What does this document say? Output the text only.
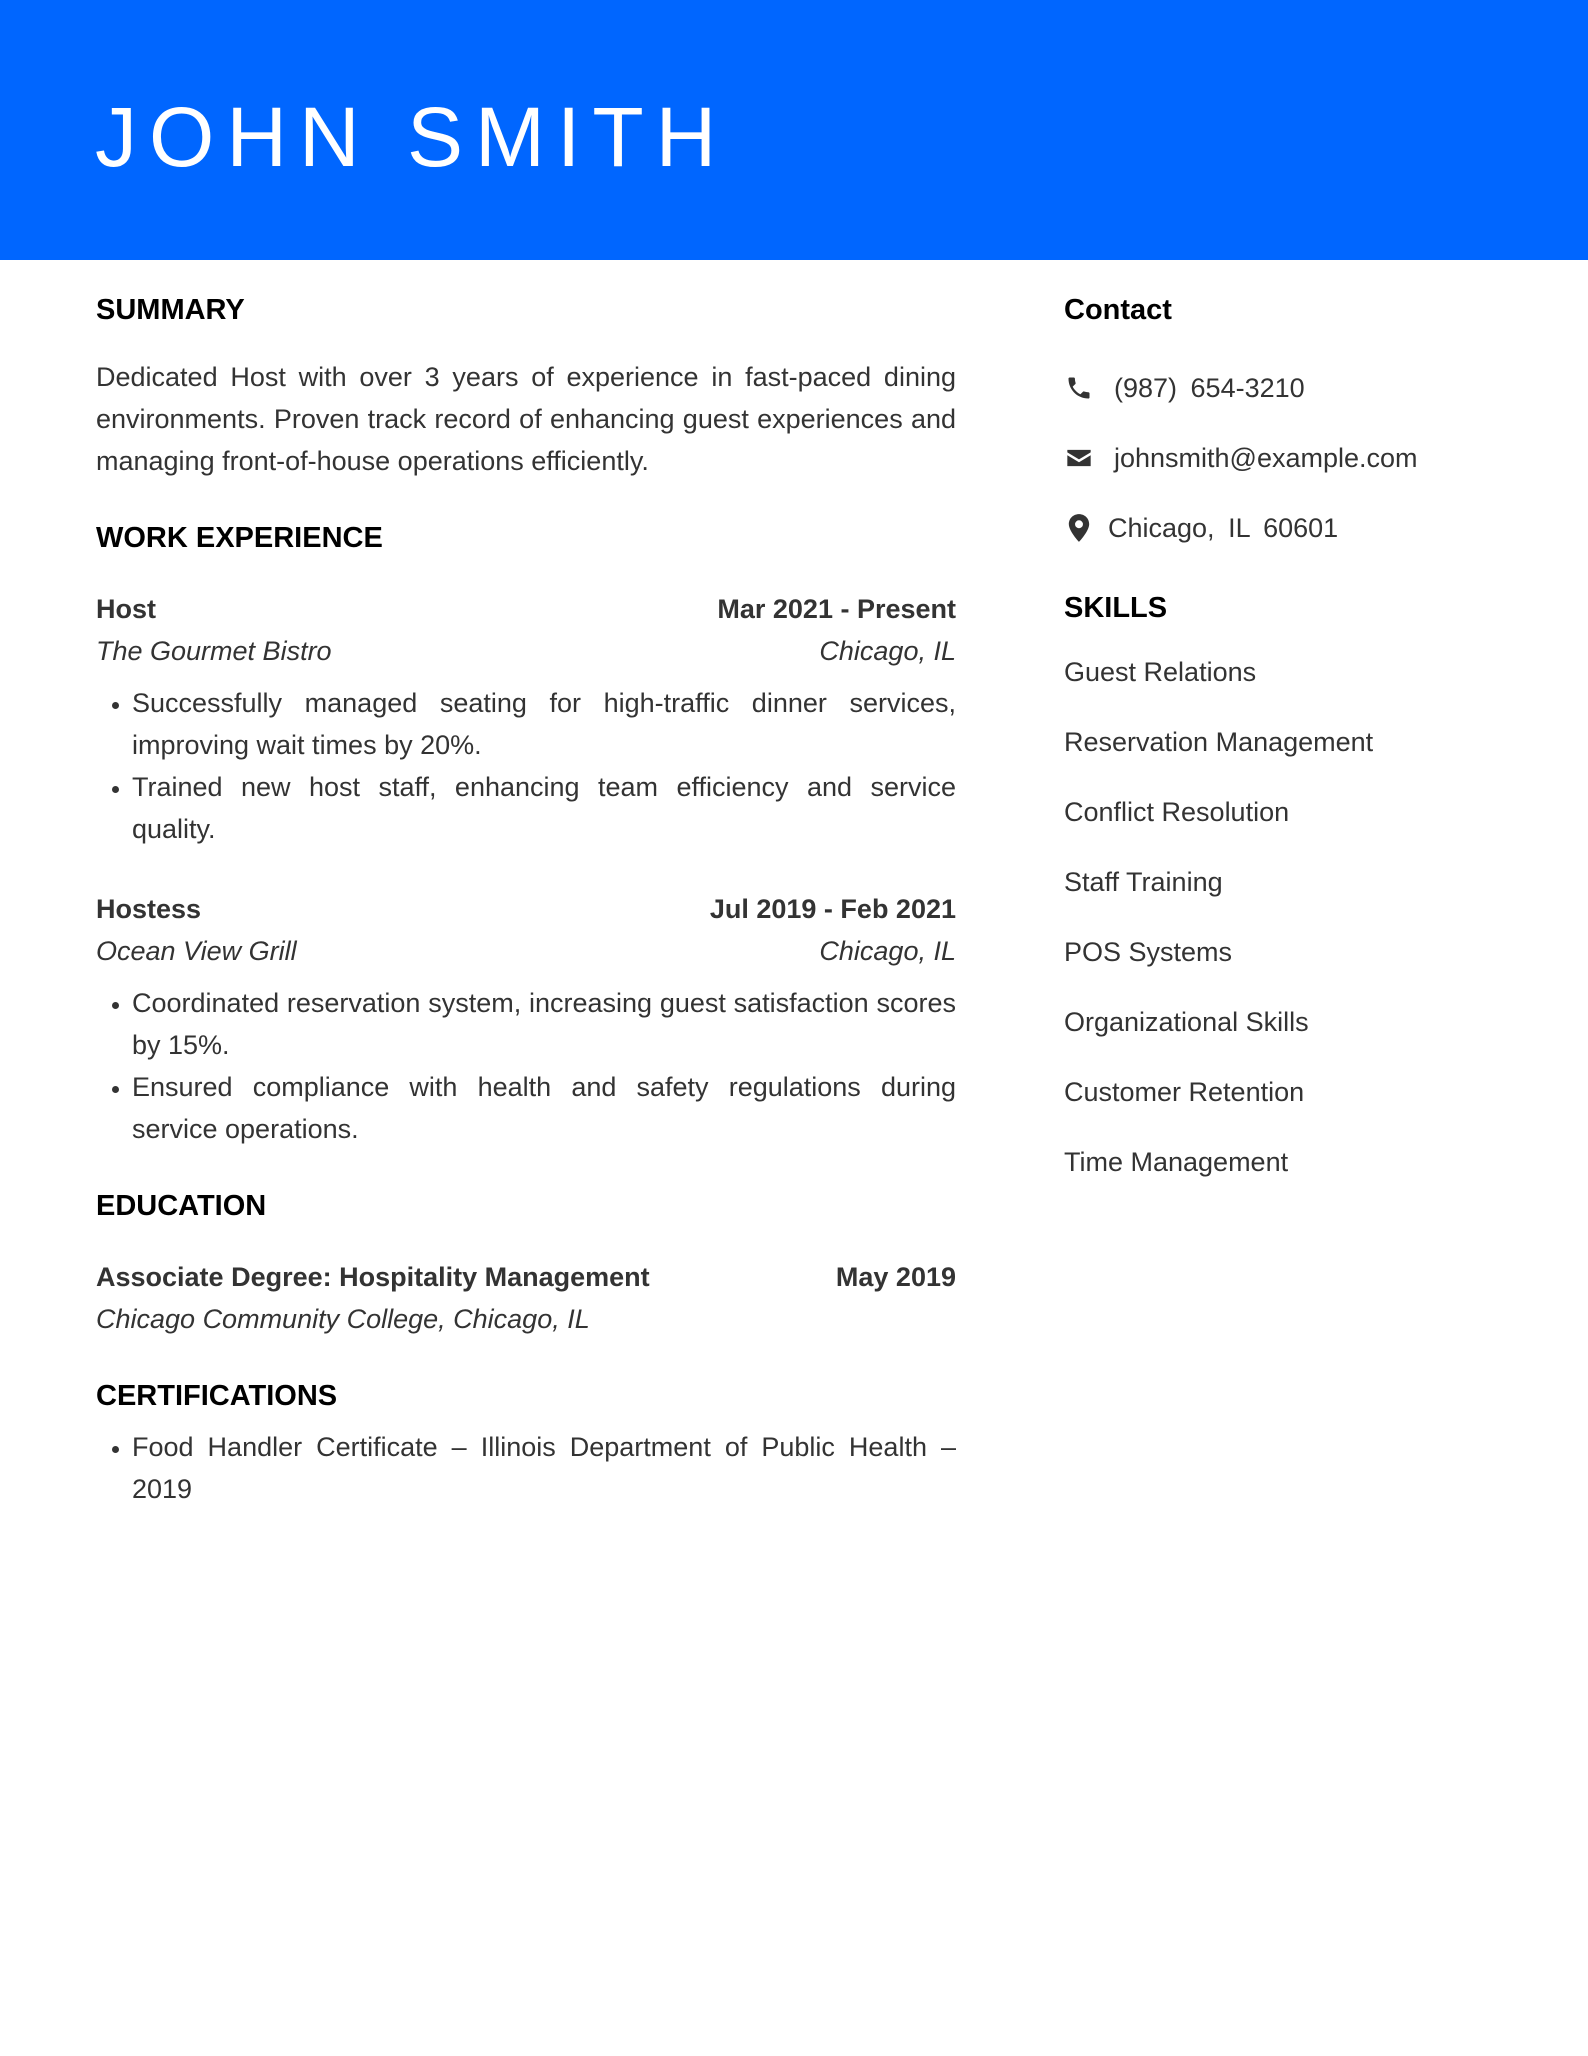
JOHN SMITH
SUMMARY

Dedicated Host with over 3 years of experience in fast-paced dining environments. Proven track record of enhancing guest experiences and managing front-of-house operations efficiently.

WORK EXPERIENCE
Host	Mar 2021 - Present
The Gourmet Bistro	Chicago, IL
• Successfully managed seating for high-traffic dinner services, improving wait times by 20%.
• Trained new host staff, enhancing team efficiency and service quality.
Hostess	Jul 2019 - Feb 2021
Ocean View Grill	Chicago, IL
• Coordinated reservation system, increasing guest satisfaction scores by 15%.
• Ensured compliance with health and safety regulations during service operations.
EDUCATION
Associate Degree: Hospitality Management	May 2019
Chicago Community College, Chicago, IL
CERTIFICATIONS
• Food Handler Certificate – Illinois Department of Public Health – 2019
Contact
(987) 654-3210
johnsmith@example.com
Chicago, IL 60601
SKILLS
Guest Relations
Reservation Management
Conflict Resolution
Staff Training
POS Systems
Organizational Skills
Customer Retention
Time Management
